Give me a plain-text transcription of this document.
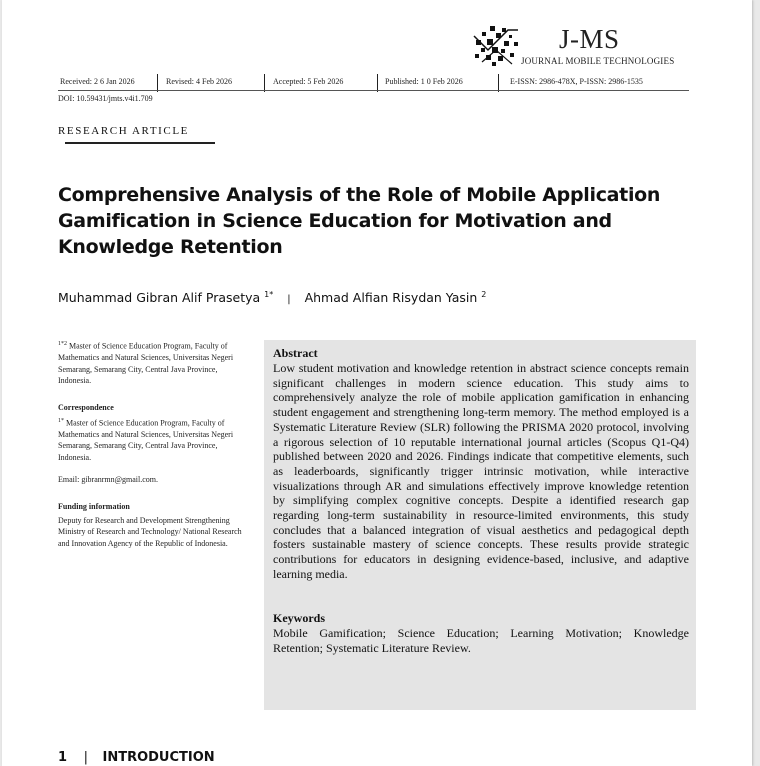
J-MS
JOURNAL MOBILE TECHNOLOGIES
Received: 2 6 Jan 2026	Revised: 4 Feb 2026	Accepted: 5 Feb 2026	Published: 1 0 Feb 2026	E-ISSN: 2986-478X, P-ISSN: 2986-1535
DOI: 10.59431/jmts.v4i1.709
RESEARCH ARTICLE
Comprehensive Analysis of the Role of Mobile Application Gamification in Science Education for Motivation and Knowledge Retention
Muhammad Gibran Alif Prasetya $^{1*}$ | Ahmad Alfian Risydan Yasin $^2$
$^{1*2}$ Master of Science Education Program, Faculty of Mathematics and Natural Sciences, Universitas Negeri Semarang, Semarang City, Central Java Province, Indonesia.
Correspondence
$^{1*}$ Master of Science Education Program, Faculty of Mathematics and Natural Sciences, Universitas Negeri Semarang, Semarang City, Central Java Province, Indonesia.
Email: gibranrmn@gmail.com.
Funding information
Deputy for Research and Development Strengthening Ministry of Research and Technology/ National Research and Innovation Agency of the Republic of Indonesia.
Abstract
Low student motivation and knowledge retention in abstract science concepts remain significant challenges in modern science education. This study aims to comprehensively analyze the role of mobile application gamification in enhancing student engagement and strengthening long-term memory. The method employed is a Systematic Literature Review (SLR) following the PRISMA 2020 protocol, involving a rigorous selection of 10 reputable international journal articles (Scopus Q1-Q4) published between 2020 and 2026. Findings indicate that competitive elements, such as leaderboards, significantly trigger intrinsic motivation, while interactive visualizations through AR and simulations effectively improve knowledge retention by simplifying complex cognitive concepts. Despite a identified research gap regarding long-term sustainability in resource-limited environments, this study concludes that a balanced integration of visual aesthetics and pedagogical depth fosters sustainable mastery of science concepts. These results provide strategic contributions for educators in designing evidence-based, inclusive, and adaptive learning media.
Keywords
Mobile Gamification; Science Education; Learning Motivation; Knowledge Retention; Systematic Literature Review.
1 | INTRODUCTION
